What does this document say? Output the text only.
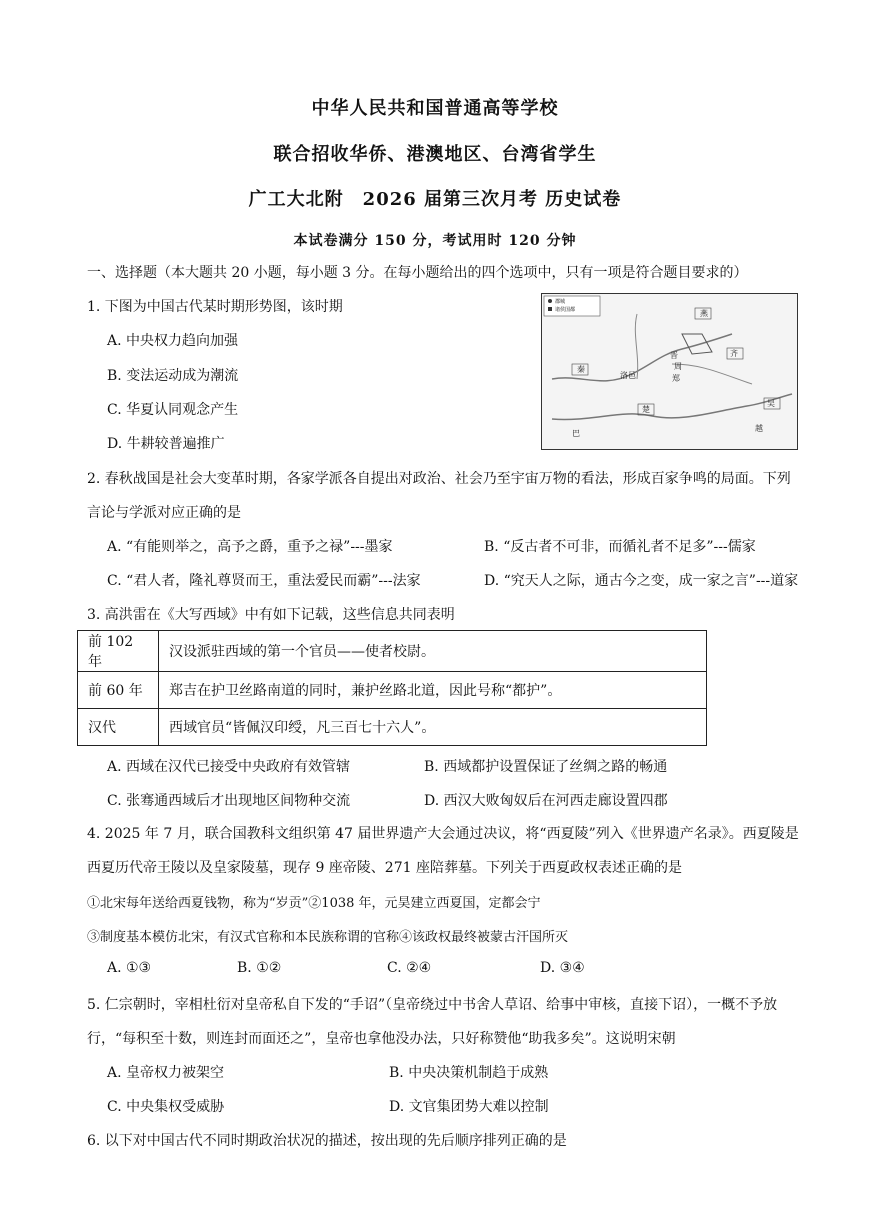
中华人民共和国普通高等学校
联合招收华侨、港澳地区、台湾省学生
广工大北附　2026 届第三次月考 历史试卷
本试卷满分 150 分，考试用时 120 分钟
一、选择题（本大题共 20 小题，每小题 3 分。在每小题给出的四个选项中，只有一项是符合题目要求的）
1. 下图为中国古代某时期形势图，该时期
A. 中央权力趋向加强
B. 变法运动成为潮流
C. 华夏认同观念产生
D. 牛耕较普遍推广
郡城
诸侯国都	燕
晋
周
齐
郑
秦
洛邑
楚
吴
越
巴
2. 春秋战国是社会大变革时期，各家学派各自提出对政治、社会乃至宇宙万物的看法，形成百家争鸣的局面。下列
言论与学派对应正确的是
A. “有能则举之，高予之爵，重予之禄”---墨家	B. “反古者不可非，而循礼者不足多”---儒家
C. “君人者，隆礼尊贤而王，重法爱民而霸”---法家	D. “究天人之际，通古今之变，成一家之言”---道家
3. 高洪雷在《大写西域》中有如下记载，这些信息共同表明
前 102 年	汉设派驻西域的第一个官员——使者校尉。
前 60 年	郑吉在护卫丝路南道的同时，兼护丝路北道，因此号称“都护”。
汉代	西域官员“皆佩汉印绶，凡三百七十六人”。
A. 西域在汉代已接受中央政府有效管辖	B. 西域都护设置保证了丝绸之路的畅通
C. 张骞通西域后才出现地区间物种交流	D. 西汉大败匈奴后在河西走廊设置四郡
4. 2025 年 7 月，联合国教科文组织第 47 届世界遗产大会通过决议，将“西夏陵”列入《世界遗产名录》。西夏陵是
西夏历代帝王陵以及皇家陵墓，现存 9 座帝陵、271 座陪葬墓。下列关于西夏政权表述正确的是
①北宋每年送给西夏钱物，称为“岁贡”②1038 年，元昊建立西夏国，定都会宁
③制度基本模仿北宋，有汉式官称和本民族称谓的官称④该政权最终被蒙古汗国所灭
A. ①③	B. ①②	C. ②④	D. ③④
5. 仁宗朝时，宰相杜衍对皇帝私自下发的“手诏”（皇帝绕过中书舍人草诏、给事中审核，直接下诏），一概不予放
行，“每积至十数，则连封而面还之”，皇帝也拿他没办法，只好称赞他“助我多矣”。这说明宋朝
A. 皇帝权力被架空	B. 中央决策机制趋于成熟
C. 中央集权受威胁	D. 文官集团势大难以控制
6. 以下对中国古代不同时期政治状况的描述，按出现的先后顺序排列正确的是
